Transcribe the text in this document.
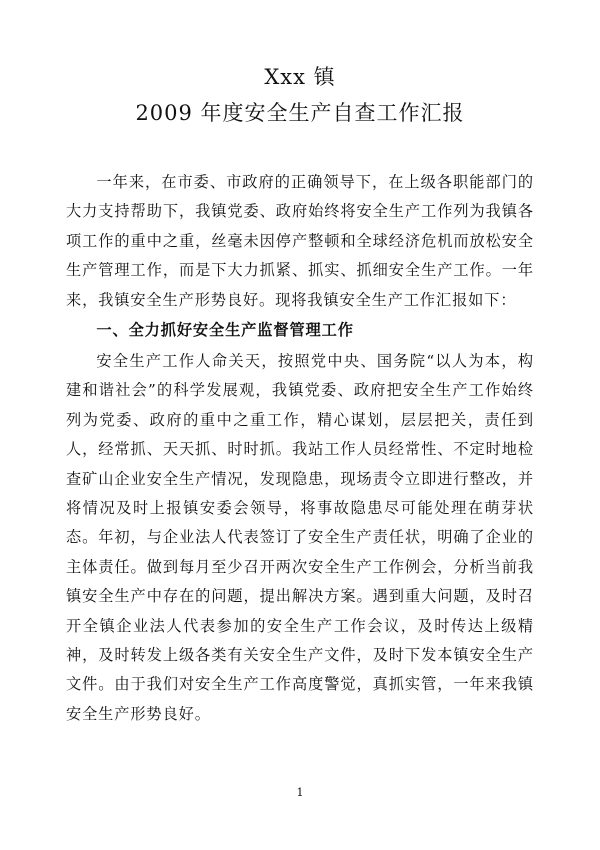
Xxx 镇
2009 年度安全生产自查工作汇报

一年来，在市委、市政府的正确领导下，在上级各职能部门的大力支持帮助下，我镇党委、政府始终将安全生产工作列为我镇各项工作的重中之重，丝毫未因停产整顿和全球经济危机而放松安全生产管理工作，而是下大力抓紧、抓实、抓细安全生产工作。一年来，我镇安全生产形势良好。现将我镇安全生产工作汇报如下：

一、全力抓好安全生产监督管理工作

安全生产工作人命关天，按照党中央、国务院“以人为本，构建和谐社会”的科学发展观，我镇党委、政府把安全生产工作始终列为党委、政府的重中之重工作，精心谋划，层层把关，责任到人，经常抓、天天抓、时时抓。我站工作人员经常性、不定时地检查矿山企业安全生产情况，发现隐患，现场责令立即进行整改，并将情况及时上报镇安委会领导，将事故隐患尽可能处理在萌芽状态。年初，与企业法人代表签订了安全生产责任状，明确了企业的主体责任。做到每月至少召开两次安全生产工作例会，分析当前我镇安全生产中存在的问题，提出解决方案。遇到重大问题，及时召开全镇企业法人代表参加的安全生产工作会议，及时传达上级精神，及时转发上级各类有关安全生产文件，及时下发本镇安全生产文件。由于我们对安全生产工作高度警觉，真抓实管，一年来我镇安全生产形势良好。

1
